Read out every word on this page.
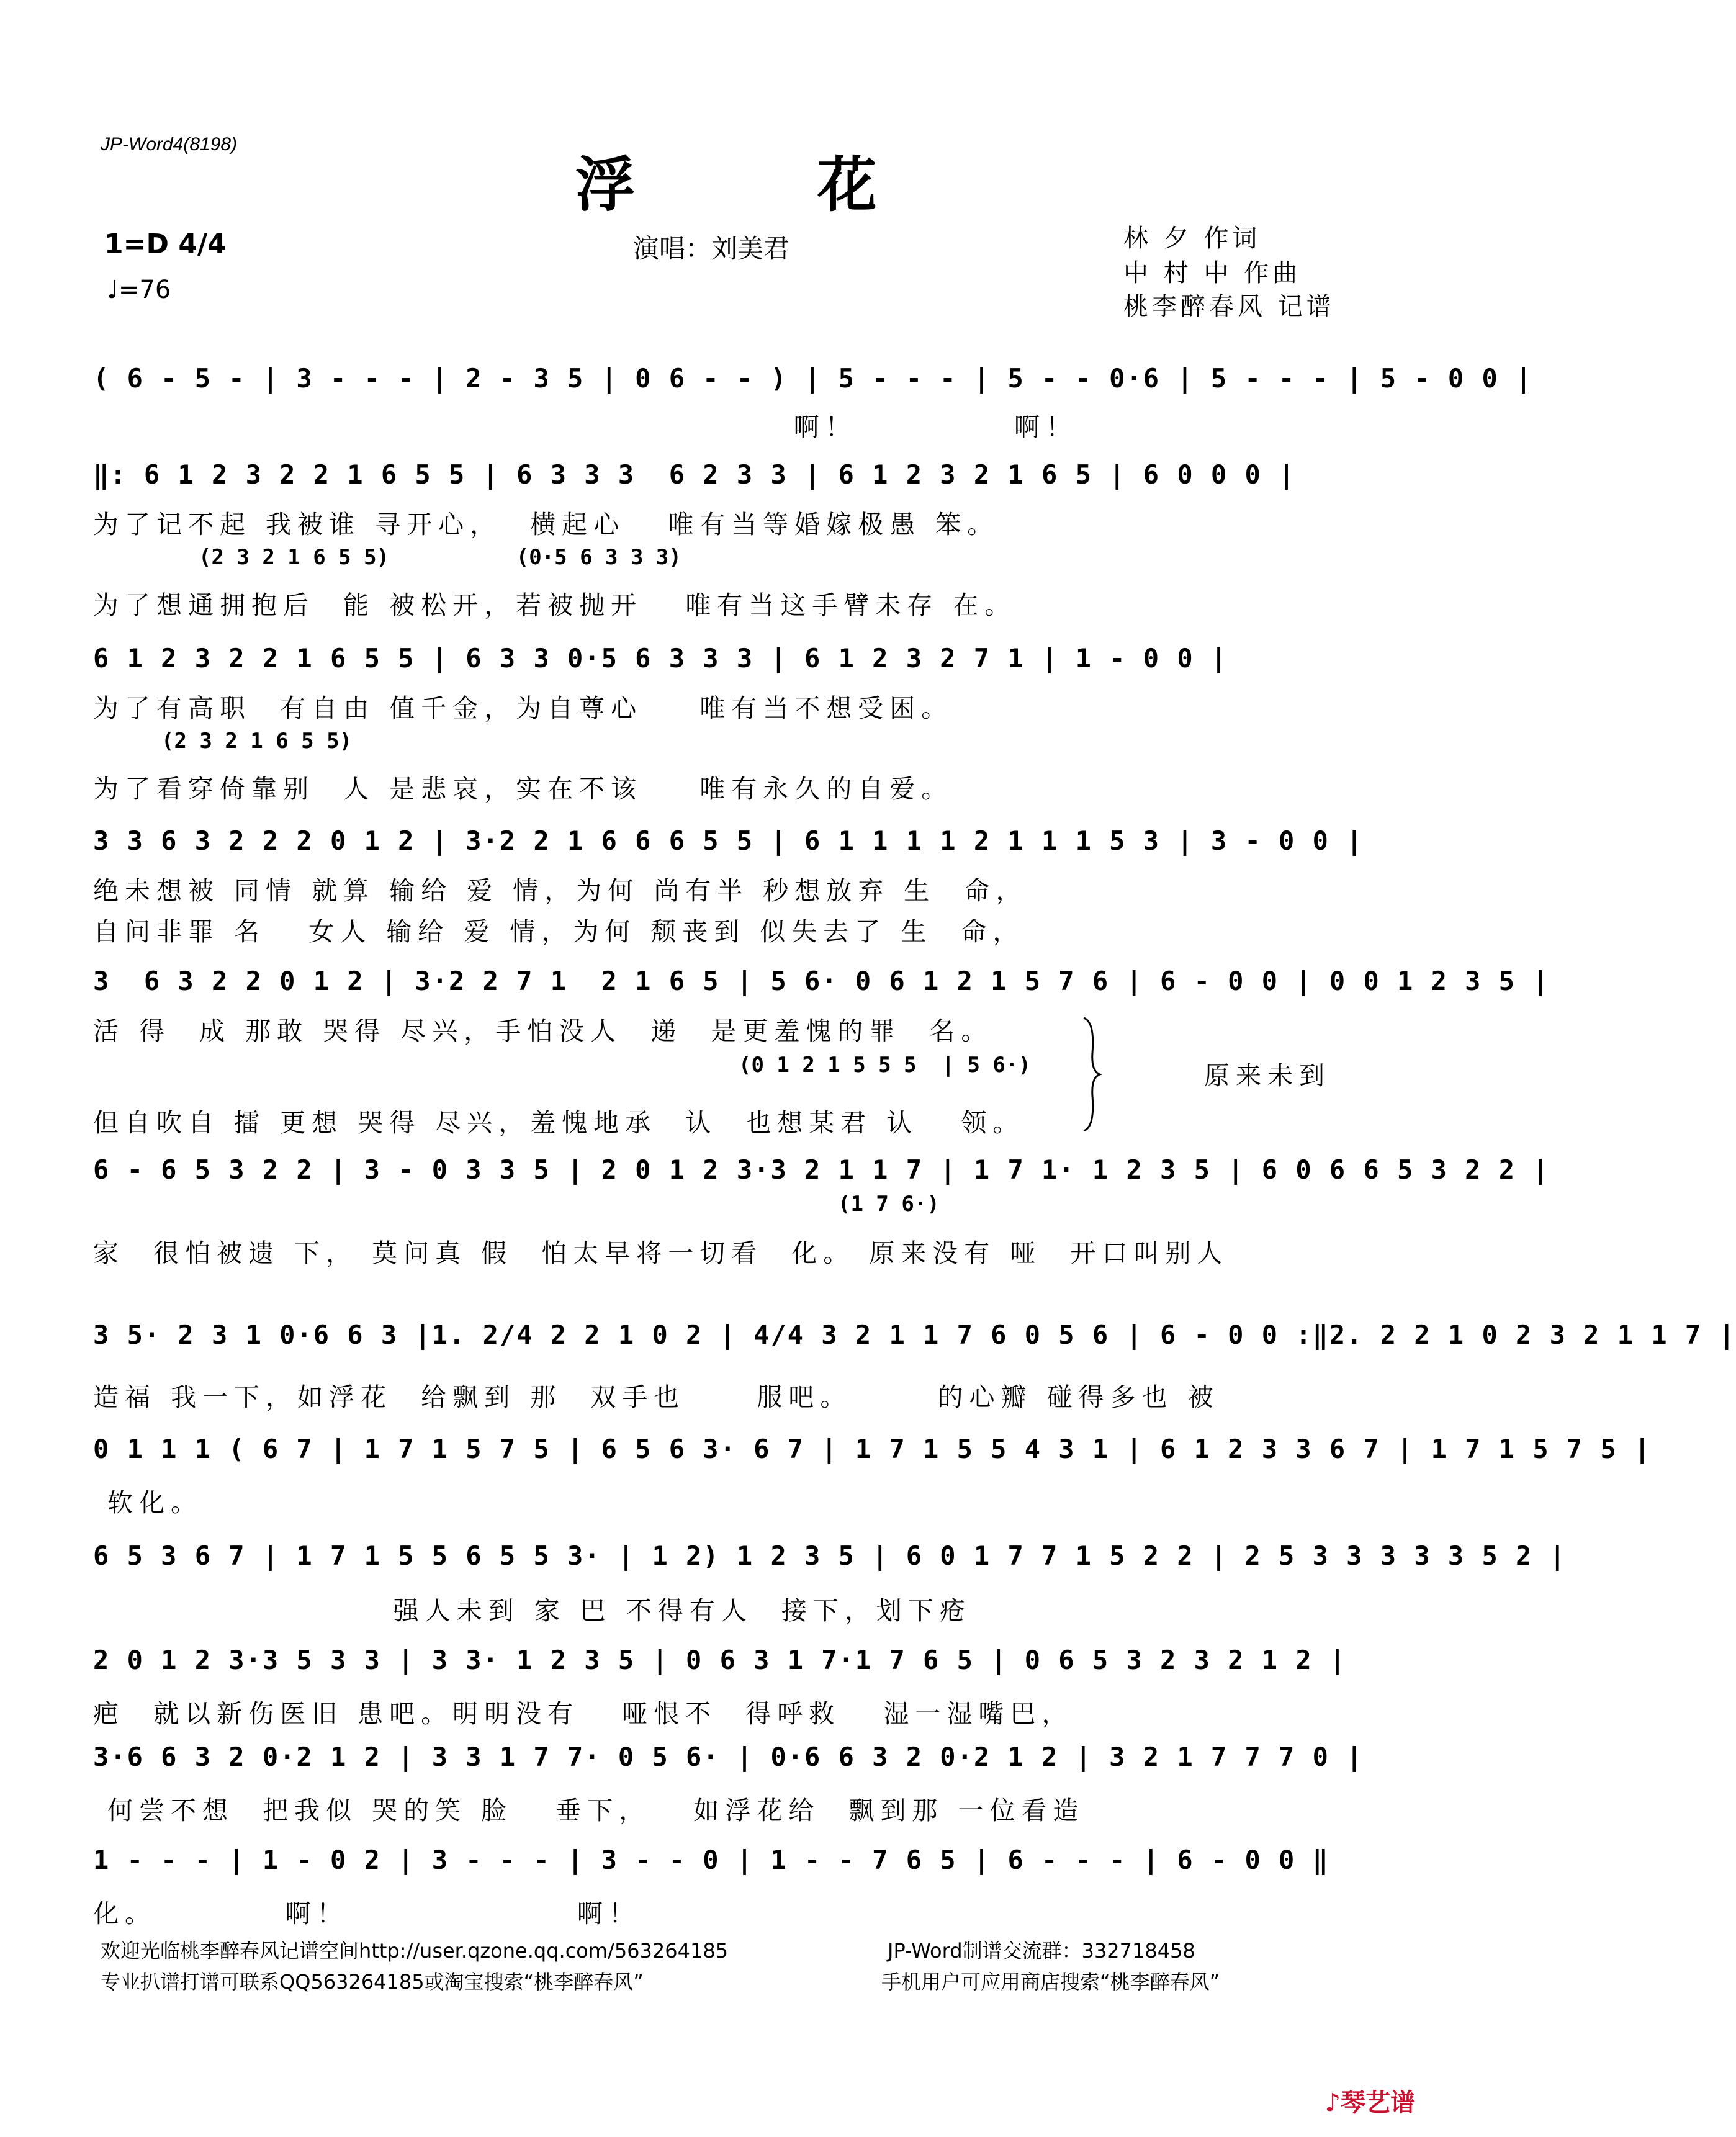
JP-Word4(8198)
浮 花
1=D 4/4
♩=76
演唱：刘美君	林 夕 作词
中 村 中 作曲
桃李醉春风 记谱
( 6 - 5 - | 3 - - - | 2 - 3 5 | 0 6 - - ) | 5 - - - | 5 - - 0·6 | 5 - - - | 5 - 0 0 |
啊！           啊！
‖: 6 1 2 3 2 2 1 6 5 5 | 6 3 3 3  6 2 3 3 | 6 1 2 3 2 1 6 5 | 6 0 0 0 |
为了记不起 我被谁 寻开心，  横起心   唯有当等婚嫁极愚 笨。
(2 3 2 1 6 5 5)          (0·5 6 3 3 3)
为了想通拥抱后  能 被松开，若被抛开   唯有当这手臂未存 在。
6 1 2 3 2 2 1 6 5 5 | 6 3 3 0·5 6 3 3 3 | 6 1 2 3 2 7 1 | 1 - 0 0 |
为了有高职  有自由 值千金，为自尊心    唯有当不想受困。
(2 3 2 1 6 5 5)
为了看穿倚靠别  人 是悲哀，实在不该    唯有永久的自爱。
3 3 6 3 2 2 2 0 1 2 | 3·2 2 1 6 6 6 5 5 | 6 1 1 1 1 2 1 1 1 5 3 | 3 - 0 0 |
绝未想被 同情 就算 输给 爱 情，为何 尚有半 秒想放弃 生  命，
自问非罪 名   女人 输给 爱 情，为何 颓丧到 似失去了 生  命，
3  6 3 2 2 0 1 2 | 3·2 2 7 1  2 1 6 5 | 5 6· 0 6 1 2 1 5 7 6 | 6 - 0 0 | 0 0 1 2 3 5 |
活 得  成 那敢 哭得 尽兴，手怕没人  递  是更羞愧的罪  名。
(0 1 2 1 5 5 5  | 5 6·)
但自吹自 擂 更想 哭得 尽兴，羞愧地承  认  也想某君 认   领。
原来未到
6 - 6 5 3 2 2 | 3 - 0 3 3 5 | 2 0 1 2 3·3 2 1 1 7 | 1 7 1· 1 2 3 5 | 6 0 6 6 5 3 2 2 |
(1 7 6·)
家  很怕被遗 下， 莫问真 假  怕太早将一切看  化。 原来没有 哑  开口叫别人
3 5· 2 3 1 0·6 6 3 |1. 2/4 2 2 1 0 2 | 4/4 3 2 1 1 7 6 0 5 6 | 6 - 0 0 :‖2. 2 2 1 0 2 3 2 1 1 7 |
造福 我一下，如浮花  给飘到 那  双手也     服吧。      的心瓣 碰得多也 被
0 1 1 1 ( 6 7 | 1 7 1 5 7 5 | 6 5 6 3· 6 7 | 1 7 1 5 5 4 3 1 | 6 1 2 3 3 6 7 | 1 7 1 5 7 5 |
软化。
6 5 3 6 7 | 1 7 1 5 5 6 5 5 3· | 1 2) 1 2 3 5 | 6 0 1 7 7 1 5 2 2 | 2 5 3 3 3 3 3 5 2 |
强人未到 家 巴 不得有人  接下，划下疮
2 0 1 2 3·3 5 3 3 | 3 3· 1 2 3 5 | 0 6 3 1 7·1 7 6 5 | 0 6 5 3 2 3 2 1 2 |
疤  就以新伤医旧 患吧。明明没有   哑恨不  得呼救   湿一湿嘴巴，
3·6 6 3 2 0·2 1 2 | 3 3 1 7 7· 0 5 6· | 0·6 6 3 2 0·2 1 2 | 3 2 1 7 7 7 0 |
何尝不想  把我似 哭的笑 脸   垂下，   如浮花给  飘到那 一位看造
1 - - - | 1 - 0 2 | 3 - - - | 3 - - 0 | 1 - - 7 6 5 | 6 - - - | 6 - 0 0 ‖
化。         啊！                啊！
欢迎光临桃李醉春风记谱空间http://user.qzone.qq.com/563264185	JP-Word制谱交流群：332718458
专业扒谱打谱可联系QQ563264185或淘宝搜索“桃李醉春风”	手机用户可应用商店搜索“桃李醉春风”

♪琴艺谱
